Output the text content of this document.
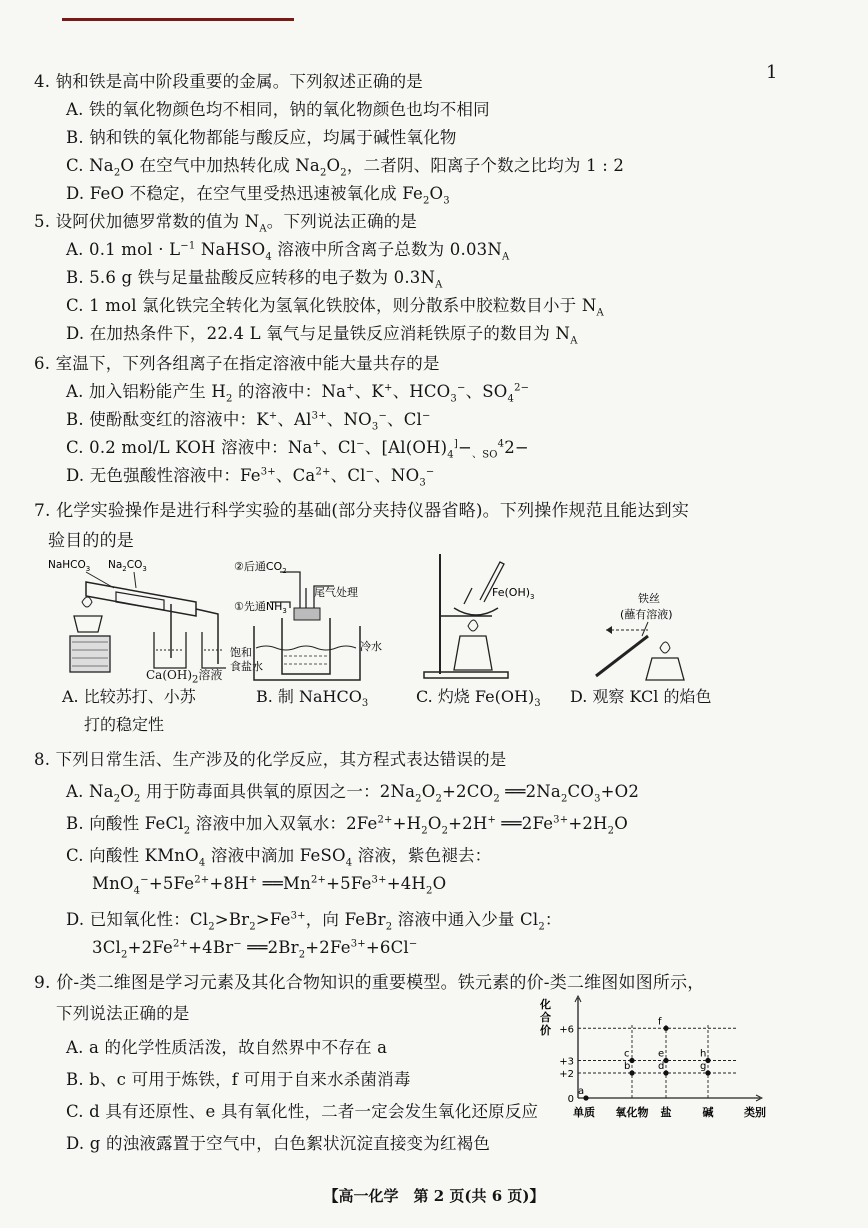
1
4. 钠和铁是高中阶段重要的金属。下列叙述正确的是
A. 铁的氧化物颜色均不相同，钠的氧化物颜色也均不相同
B. 钠和铁的氧化物都能与酸反应，均属于碱性氧化物
C. $Na_2O$ 在空气中加热转化成 $Na_2O_2$，二者阴、阳离子个数之比均为 1 : 2
D. FeO 不稳定，在空气里受热迅速被氧化成 $Fe_2O_3$
5. 设阿伏加德罗常数的值为 $N_A$。下列说法正确的是
A. 0.1 mol · $L^{-1}$ NaHSO$_4$ 溶液中所含离子总数为 $0.03N_A$
B. 5.6 g 铁与足量盐酸反应转移的电子数为 $0.3N_A$
C. 1 mol 氯化铁完全转化为氢氧化铁胶体，则分散系中胶粒数目小于 $N_A$
D. 在加热条件下，22.4 L 氧气与足量铁反应消耗铁原子的数目为 $N_A$
6. 室温下，下列各组离子在指定溶液中能大量共存的是
A. 加入铝粉能产生 $H_2$ 的溶液中：Na+、K+、$HCO_3^-$、$SO_4^{2-}$
B. 使酚酞变红的溶液中：K+、$Al^{3+}$、$NO_3^-$、Cl−
C. 0.2 mol/L KOH 溶液中：Na+、Cl−、[$Al(OH)_4^]-_{、SO}^42-$
D. 无色强酸性溶液中：$Fe^{3+}$、$Ca^{2+}$、Cl−、$NO_3^-$
7. 化学实验操作是进行科学实验的基础(部分夹持仪器省略)。下列操作规范且能达到实
验目的的是
NaHCO$_3$ $Na_2CO_3$
$Ca(OH)_2$溶液
②后通$CO_2$
尾气处理
①先通$NH_3$
饱和
食盐水
冷水
$Fe(OH)_3$	铁丝
(蘸有溶液)
A. 比较苏打、小苏
打的稳定性
B. 制 NaHCO$_3$	C. 灼烧 $Fe(OH)_3$ D. 观察 KCl 的焰色
8. 下列日常生活、生产涉及的化学反应，其方程式表达错误的是
A. $Na_2O_2$ 用于防毒面具供氧的原因之一：$2Na_2O_2+2CO_2$ $══2Na_2CO_3+O2$
B. 向酸性 FeCl$_2$ 溶液中加入双氧水：$2Fe^{2+}+H_2O_2+2H^+$ $══2Fe^{3+}+2H_2O$
C. 向酸性 KMnO$_4$ 溶液中滴加 FeSO$_4$ 溶液，紫色褪去：
$MnO_4^-+5Fe^{2+}+8H^+$ $══Mn^{2+}+5Fe^{3+}+4H_2O$
D. 已知氧化性：$Cl_2>Br_2>Fe^{3+}$，向 FeBr$_2$ 溶液中通入少量 $Cl_2$：
$3Cl_2+2Fe^{2+}+4Br^-$ $══2Br_2+2Fe^{3+}+6Cl^-$
9. 价-类二维图是学习元素及其化合物知识的重要模型。铁元素的价-类二维图如图所示，
下列说法正确的是
A. a 的化学性质活泼，故自然界中不存在 a
B. b、c 可用于炼铁，f 可用于自来水杀菌消毒
C. d 具有还原性、e 具有氧化性，二者一定会发生氧化还原反应
D. g 的浊液露置于空气中，白色絮状沉淀直接变为红褐色
化
合
价 +6
+3
+2
0
单质 氧化物 盐	碱	类别
a
b
c
d
e
f
g
h
【高一化学　第 2 页(共 6 页)】
